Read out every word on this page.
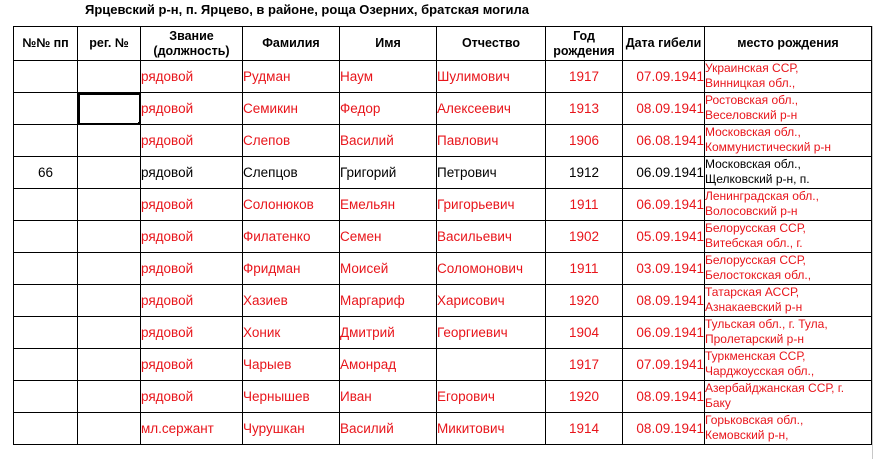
Ярцевский р-н, п. Ярцево, в районе, роща Озерних, братская могила
№№ пп	рег. №	Звание (должность)	Фамилия	Имя	Отчество	Год рождения	Дата гибели	место рождения
		рядовой	Рудман	Наум	Шулимович	1917	07.09.1941	Украинская ССР,
Винницкая обл.,

		рядовой	Семикин	Федор	Алексеевич	1913	08.09.1941	Ростовская обл.,
Веселовский р-н

		рядовой	Слепов	Василий	Павлович	1906	06.08.1941	Московская обл.,
Коммунистический р-н

66		рядовой	Слепцов	Григорий	Петрович	1912	06.09.1941	Московская обл.,
Щелковский р-н, п.

		рядовой	Солонюков	Емельян	Григорьевич	1911	06.09.1941	Ленинградская обл.,
Волосовский р-н

		рядовой	Филатенко	Семен	Васильевич	1902	05.09.1941	Белорусская ССР,
Витебская обл., г.

		рядовой	Фридман	Моисей	Соломонович	1911	03.09.1941	Белорусская ССР,
Белостокская обл.,

		рядовой	Хазиев	Маргариф	Харисович	1920	08.09.1941	Татарская АССР,
Азнакаевский р-н

		рядовой	Хоник	Дмитрий	Георгиевич	1904	06.09.1941	Тульская обл., г. Тула,
Пролетарский р-н

		рядовой	Чарыев	Амонрад		1917	07.09.1941	Туркменская ССР,
Чарджоусская обл.,

		рядовой	Чернышев	Иван	Егорович	1920	08.09.1941	Азербайджанская ССР, г.
Баку

		мл.сержант	Чурушкан	Василий	Микитович	1914	08.09.1941	Горьковская обл.,
Кемовский р-н,
